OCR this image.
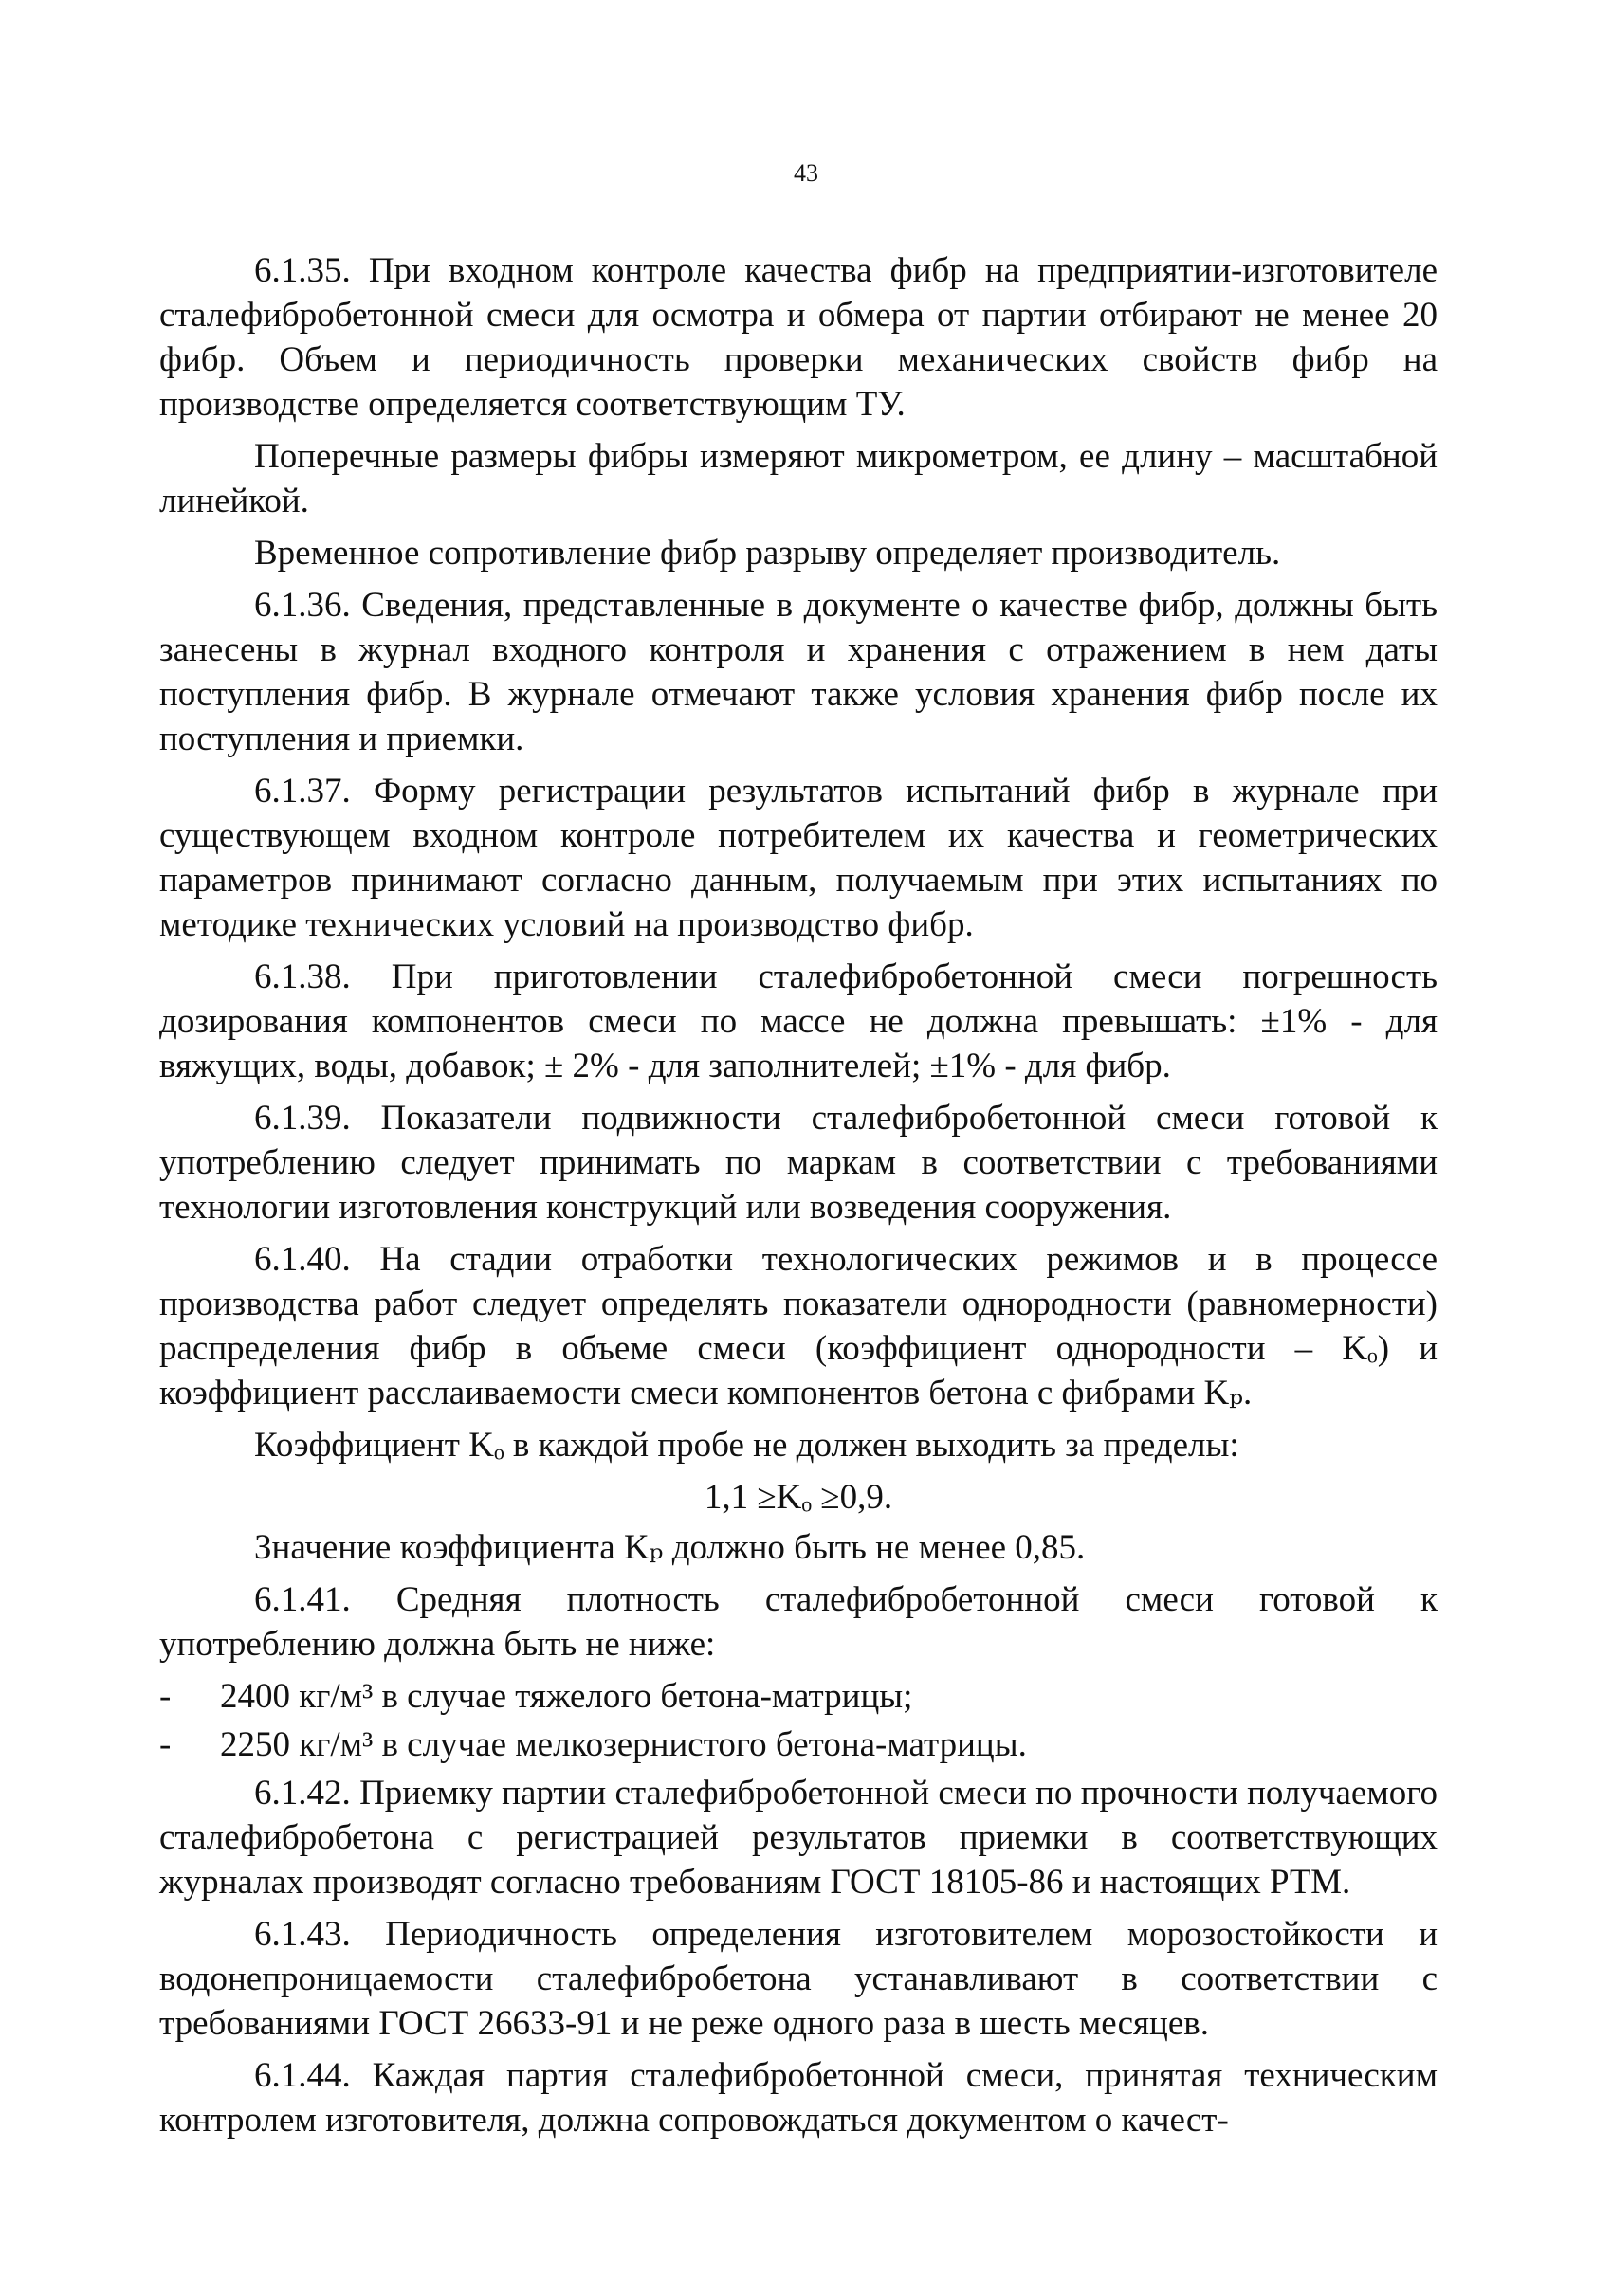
43

6.1.35. При входном контроле качества фибр на предприятии-изготовителе сталефибробетонной смеси для осмотра и обмера от партии отбирают не менее 20 фибр. Объем и периодичность проверки механических свойств фибр на производстве определяется соответствующим ТУ.

Поперечные размеры фибры измеряют микрометром, ее длину – масштабной линейкой.

Временное сопротивление фибр разрыву определяет производитель.

6.1.36. Сведения, представленные в документе о качестве фибр, должны быть занесены в журнал входного контроля и хранения с отражением в нем даты поступления фибр. В журнале отмечают также условия хранения фибр после их поступления и приемки.

6.1.37. Форму регистрации результатов испытаний фибр в журнале при существующем входном контроле потребителем их качества и геометрических параметров принимают согласно данным, получаемым при этих испытаниях по методике технических условий на производство фибр.

6.1.38. При приготовлении сталефибробетонной смеси погрешность дозирования компонентов смеси по массе не должна превышать: ±1% - для вяжущих, воды, добавок; ± 2% - для заполнителей; ±1% - для фибр.

6.1.39. Показатели подвижности сталефибробетонной смеси готовой к употреблению следует принимать по маркам в соответствии с требованиями технологии изготовления конструкций или возведения сооружения.

6.1.40. На стадии отработки технологических режимов и в процессе производства работ следует определять показатели однородности (равномерности) распределения фибр в объеме смеси (коэффициент однородности – Kₒ) и коэффициент расслаиваемости смеси компонентов бетона с фибрами Kₚ.

Коэффициент Kₒ в каждой пробе не должен выходить за пределы:

1,1 ≥Kₒ ≥0,9.

Значение коэффициента Kₚ должно быть не менее 0,85.

6.1.41. Средняя плотность сталефибробетонной смеси готовой к употреблению должна быть не ниже:

-	2400 кг/м³ в случае тяжелого бетона-матрицы;
-	2250 кг/м³ в случае мелкозернистого бетона-матрицы.

6.1.42. Приемку партии сталефибробетонной смеси по прочности получаемого сталефибробетона с регистрацией результатов приемки в соответствующих журналах производят согласно требованиям ГОСТ 18105-86 и настоящих РТМ.

6.1.43. Периодичность определения изготовителем морозостойкости и водонепроницаемости сталефибробетона устанавливают в соответствии с требованиями ГОСТ 26633-91 и не реже одного раза в шесть месяцев.

6.1.44. Каждая партия сталефибробетонной смеси, принятая техническим контролем изготовителя, должна сопровождаться документом о качест-
